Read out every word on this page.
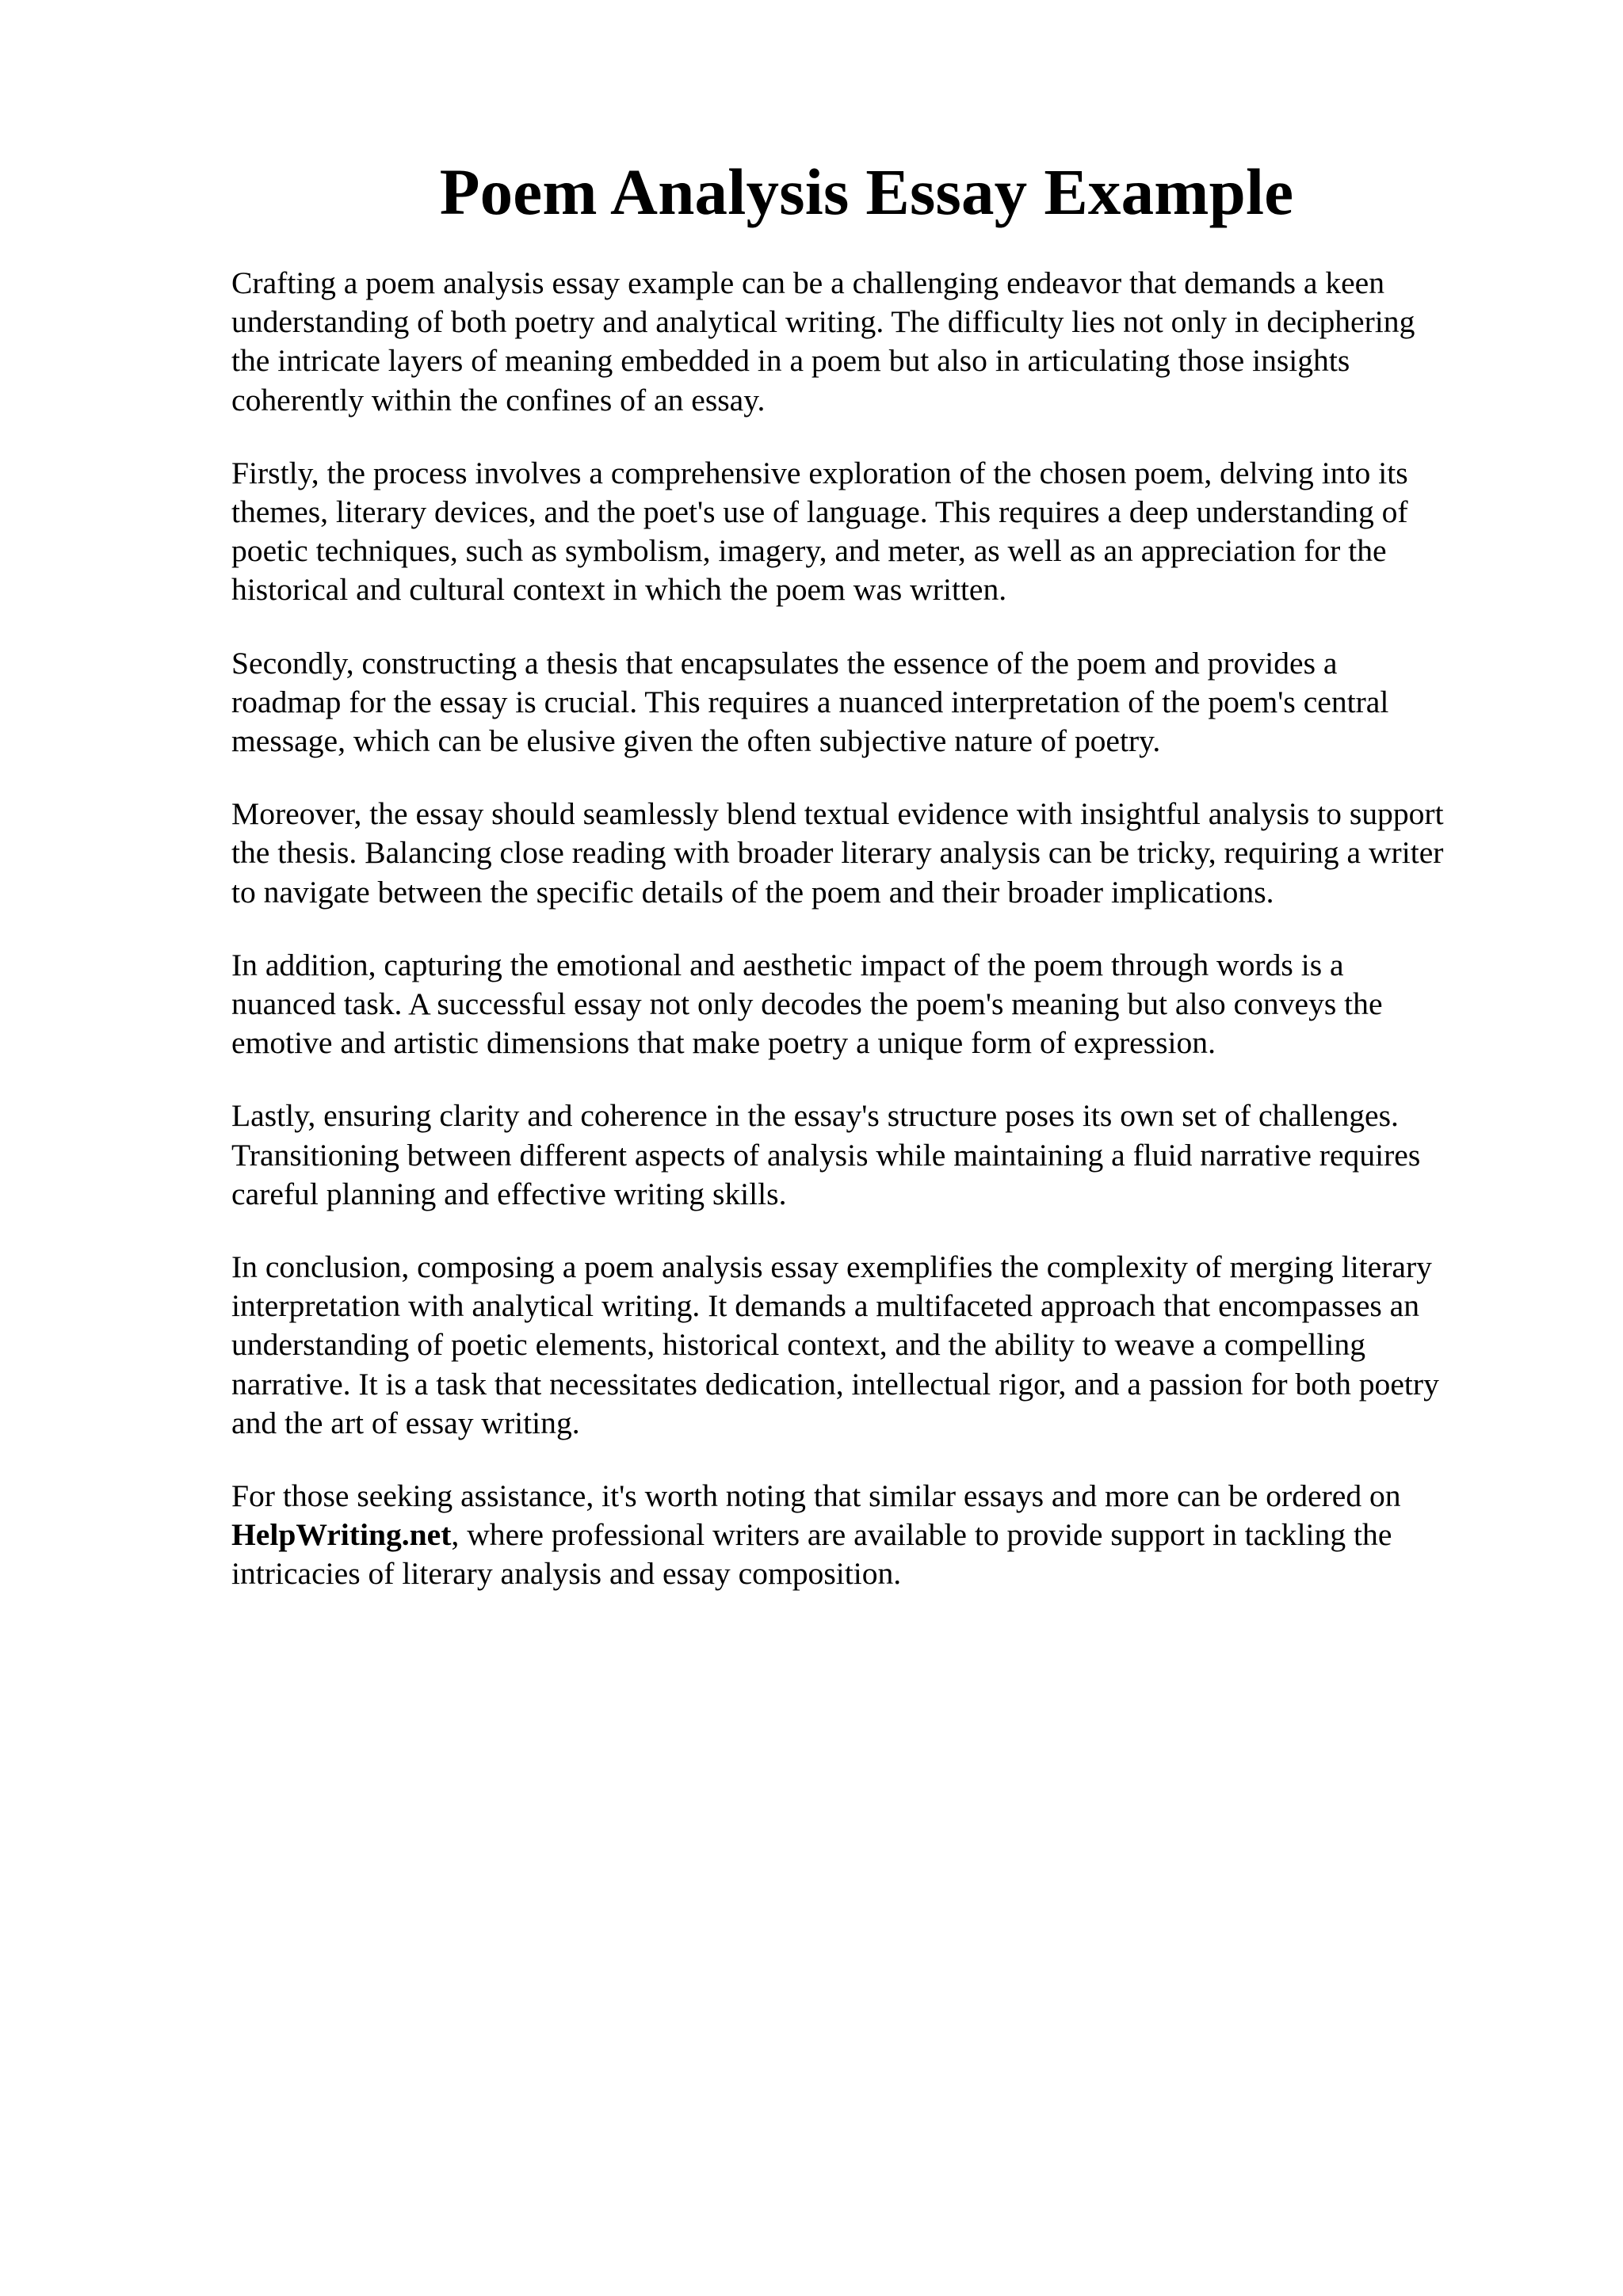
Poem Analysis Essay Example

Crafting a poem analysis essay example can be a challenging endeavor that demands a keen
understanding of both poetry and analytical writing. The difficulty lies not only in deciphering
the intricate layers of meaning embedded in a poem but also in articulating those insights
coherently within the confines of an essay.

Firstly, the process involves a comprehensive exploration of the chosen poem, delving into its
themes, literary devices, and the poet's use of language. This requires a deep understanding of
poetic techniques, such as symbolism, imagery, and meter, as well as an appreciation for the
historical and cultural context in which the poem was written.

Secondly, constructing a thesis that encapsulates the essence of the poem and provides a
roadmap for the essay is crucial. This requires a nuanced interpretation of the poem's central
message, which can be elusive given the often subjective nature of poetry.

Moreover, the essay should seamlessly blend textual evidence with insightful analysis to support
the thesis. Balancing close reading with broader literary analysis can be tricky, requiring a writer
to navigate between the specific details of the poem and their broader implications.

In addition, capturing the emotional and aesthetic impact of the poem through words is a
nuanced task. A successful essay not only decodes the poem's meaning but also conveys the
emotive and artistic dimensions that make poetry a unique form of expression.

Lastly, ensuring clarity and coherence in the essay's structure poses its own set of challenges.
Transitioning between different aspects of analysis while maintaining a fluid narrative requires
careful planning and effective writing skills.

In conclusion, composing a poem analysis essay exemplifies the complexity of merging literary
interpretation with analytical writing. It demands a multifaceted approach that encompasses an
understanding of poetic elements, historical context, and the ability to weave a compelling
narrative. It is a task that necessitates dedication, intellectual rigor, and a passion for both poetry
and the art of essay writing.

For those seeking assistance, it's worth noting that similar essays and more can be ordered on
HelpWriting.net, where professional writers are available to provide support in tackling the
intricacies of literary analysis and essay composition.
